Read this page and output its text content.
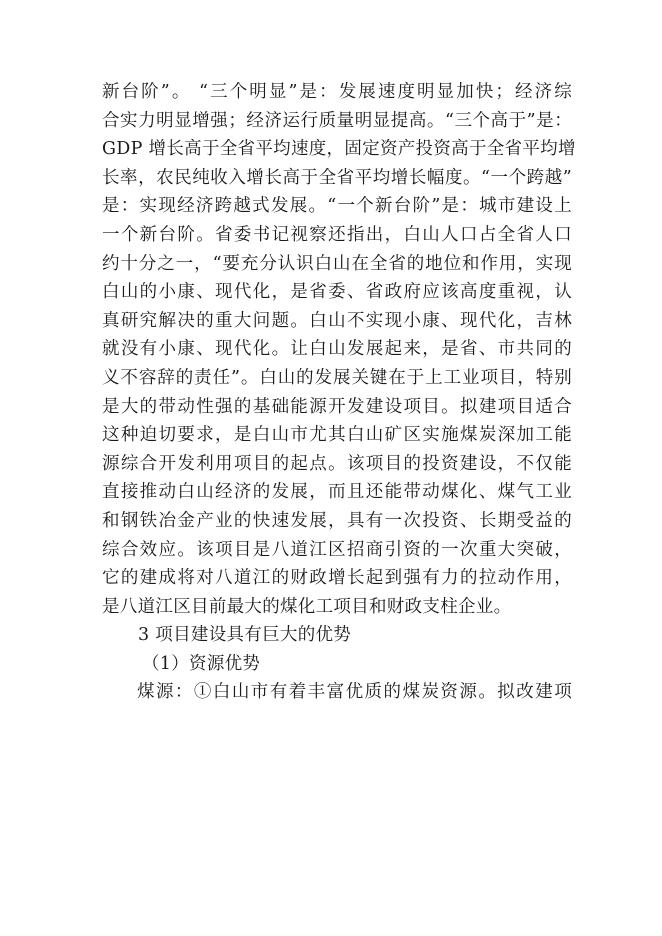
新台阶”。 “三个明显”是：发展速度明显加快；经济综
合实力明显增强；经济运行质量明显提高。“三个高于”是：
GDP 增长高于全省平均速度，固定资产投资高于全省平均增
长率，农民纯收入增长高于全省平均增长幅度。“一个跨越”
是：实现经济跨越式发展。“一个新台阶”是：城市建设上
一个新台阶。省委书记视察还指出，白山人口占全省人口
约十分之一，“要充分认识白山在全省的地位和作用，实现
白山的小康、现代化，是省委、省政府应该高度重视，认
真研究解决的重大问题。白山不实现小康、现代化，吉林
就没有小康、现代化。让白山发展起来，是省、市共同的
义不容辞的责任”。白山的发展关键在于上工业项目，特别
是大的带动性强的基础能源开发建设项目。拟建项目适合
这种迫切要求，是白山市尤其白山矿区实施煤炭深加工能
源综合开发利用项目的起点。该项目的投资建设，不仅能
直接推动白山经济的发展，而且还能带动煤化、煤气工业
和钢铁冶金产业的快速发展，具有一次投资、长期受益的
综合效应。该项目是八道江区招商引资的一次重大突破，
它的建成将对八道江的财政增长起到强有力的拉动作用，
是八道江区目前最大的煤化工项目和财政支柱企业。
3 项目建设具有巨大的优势
（1）资源优势
煤源：①白山市有着丰富优质的煤炭资源。拟改建项
